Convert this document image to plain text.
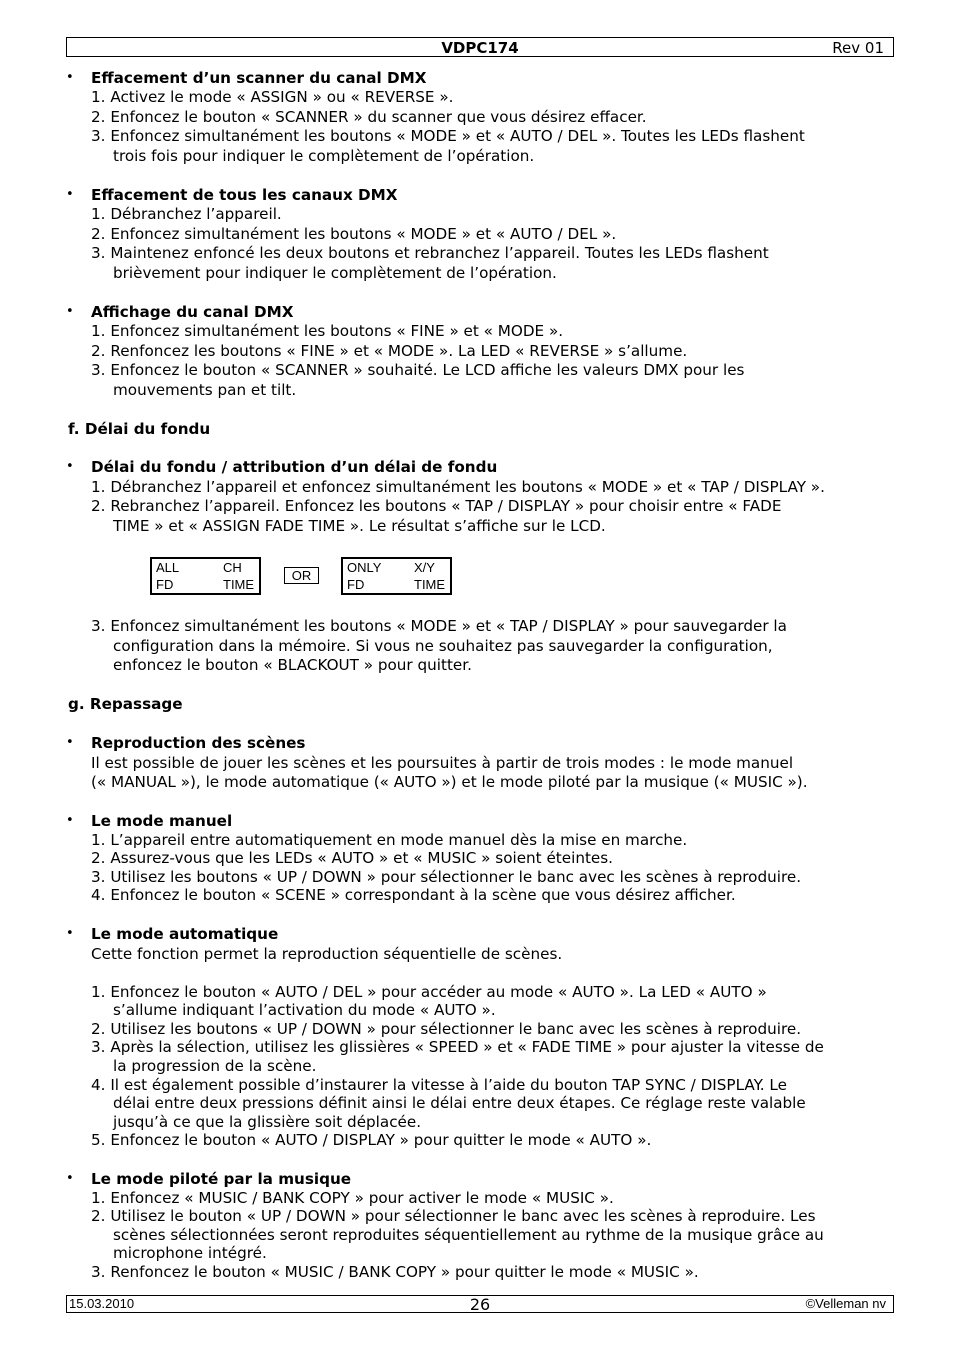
VDPC174	Rev 01
• Effacement d’un scanner du canal DMX
1. Activez le mode « ASSIGN » ou « REVERSE ».
2. Enfoncez le bouton « SCANNER » du scanner que vous désirez effacer.
3. Enfoncez simultanément les boutons « MODE » et « AUTO / DEL ». Toutes les LEDs flashent
trois fois pour indiquer le complètement de l’opération.
• Effacement de tous les canaux DMX
1. Débranchez l’appareil.
2. Enfoncez simultanément les boutons « MODE » et « AUTO / DEL ».
3. Maintenez enfoncé les deux boutons et rebranchez l’appareil. Toutes les LEDs flashent
brièvement pour indiquer le complètement de l’opération.
• Affichage du canal DMX
1. Enfoncez simultanément les boutons « FINE » et « MODE ».
2. Renfoncez les boutons « FINE » et « MODE ». La LED « REVERSE » s’allume.
3. Enfoncez le bouton « SCANNER » souhaité. Le LCD affiche les valeurs DMX pour les
mouvements pan et tilt.
f. Délai du fondu
• Délai du fondu / attribution d’un délai de fondu
1. Débranchez l’appareil et enfoncez simultanément les boutons « MODE » et « TAP / DISPLAY ».
2. Rebranchez l’appareil. Enfoncez les boutons « TAP / DISPLAY » pour choisir entre « FADE
TIME » et « ASSIGN FADE TIME ». Le résultat s’affiche sur le LCD.
ALL	CH
FD	TIME
OR
ONLY	X/Y
FD	TIME
3. Enfoncez simultanément les boutons « MODE » et « TAP / DISPLAY » pour sauvegarder la
configuration dans la mémoire. Si vous ne souhaitez pas sauvegarder la configuration,
enfoncez le bouton « BLACKOUT » pour quitter.
g. Repassage
• Reproduction des scènes
Il est possible de jouer les scènes et les poursuites à partir de trois modes : le mode manuel
(« MANUAL »), le mode automatique (« AUTO ») et le mode piloté par la musique (« MUSIC »).
• Le mode manuel
1. L’appareil entre automatiquement en mode manuel dès la mise en marche.
2. Assurez-vous que les LEDs « AUTO » et « MUSIC » soient éteintes.
3. Utilisez les boutons « UP / DOWN » pour sélectionner le banc avec les scènes à reproduire.
4. Enfoncez le bouton « SCENE » correspondant à la scène que vous désirez afficher.
• Le mode automatique
Cette fonction permet la reproduction séquentielle de scènes.
1. Enfoncez le bouton « AUTO / DEL » pour accéder au mode « AUTO ». La LED « AUTO »
s’allume indiquant l’activation du mode « AUTO ».
2. Utilisez les boutons « UP / DOWN » pour sélectionner le banc avec les scènes à reproduire.
3. Après la sélection, utilisez les glissières « SPEED » et « FADE TIME » pour ajuster la vitesse de
la progression de la scène.
4. Il est également possible d’instaurer la vitesse à l’aide du bouton TAP SYNC / DISPLAY. Le
délai entre deux pressions définit ainsi le délai entre deux étapes. Ce réglage reste valable
jusqu’à ce que la glissière soit déplacée.
5. Enfoncez le bouton « AUTO / DISPLAY » pour quitter le mode « AUTO ».
• Le mode piloté par la musique
1. Enfoncez « MUSIC / BANK COPY » pour activer le mode « MUSIC ».
2. Utilisez le bouton « UP / DOWN » pour sélectionner le banc avec les scènes à reproduire. Les
scènes sélectionnées seront reproduites séquentiellement au rythme de la musique grâce au
microphone intégré.
3. Renfoncez le bouton « MUSIC / BANK COPY » pour quitter le mode « MUSIC ».
15.03.2010	26	©Velleman nv
